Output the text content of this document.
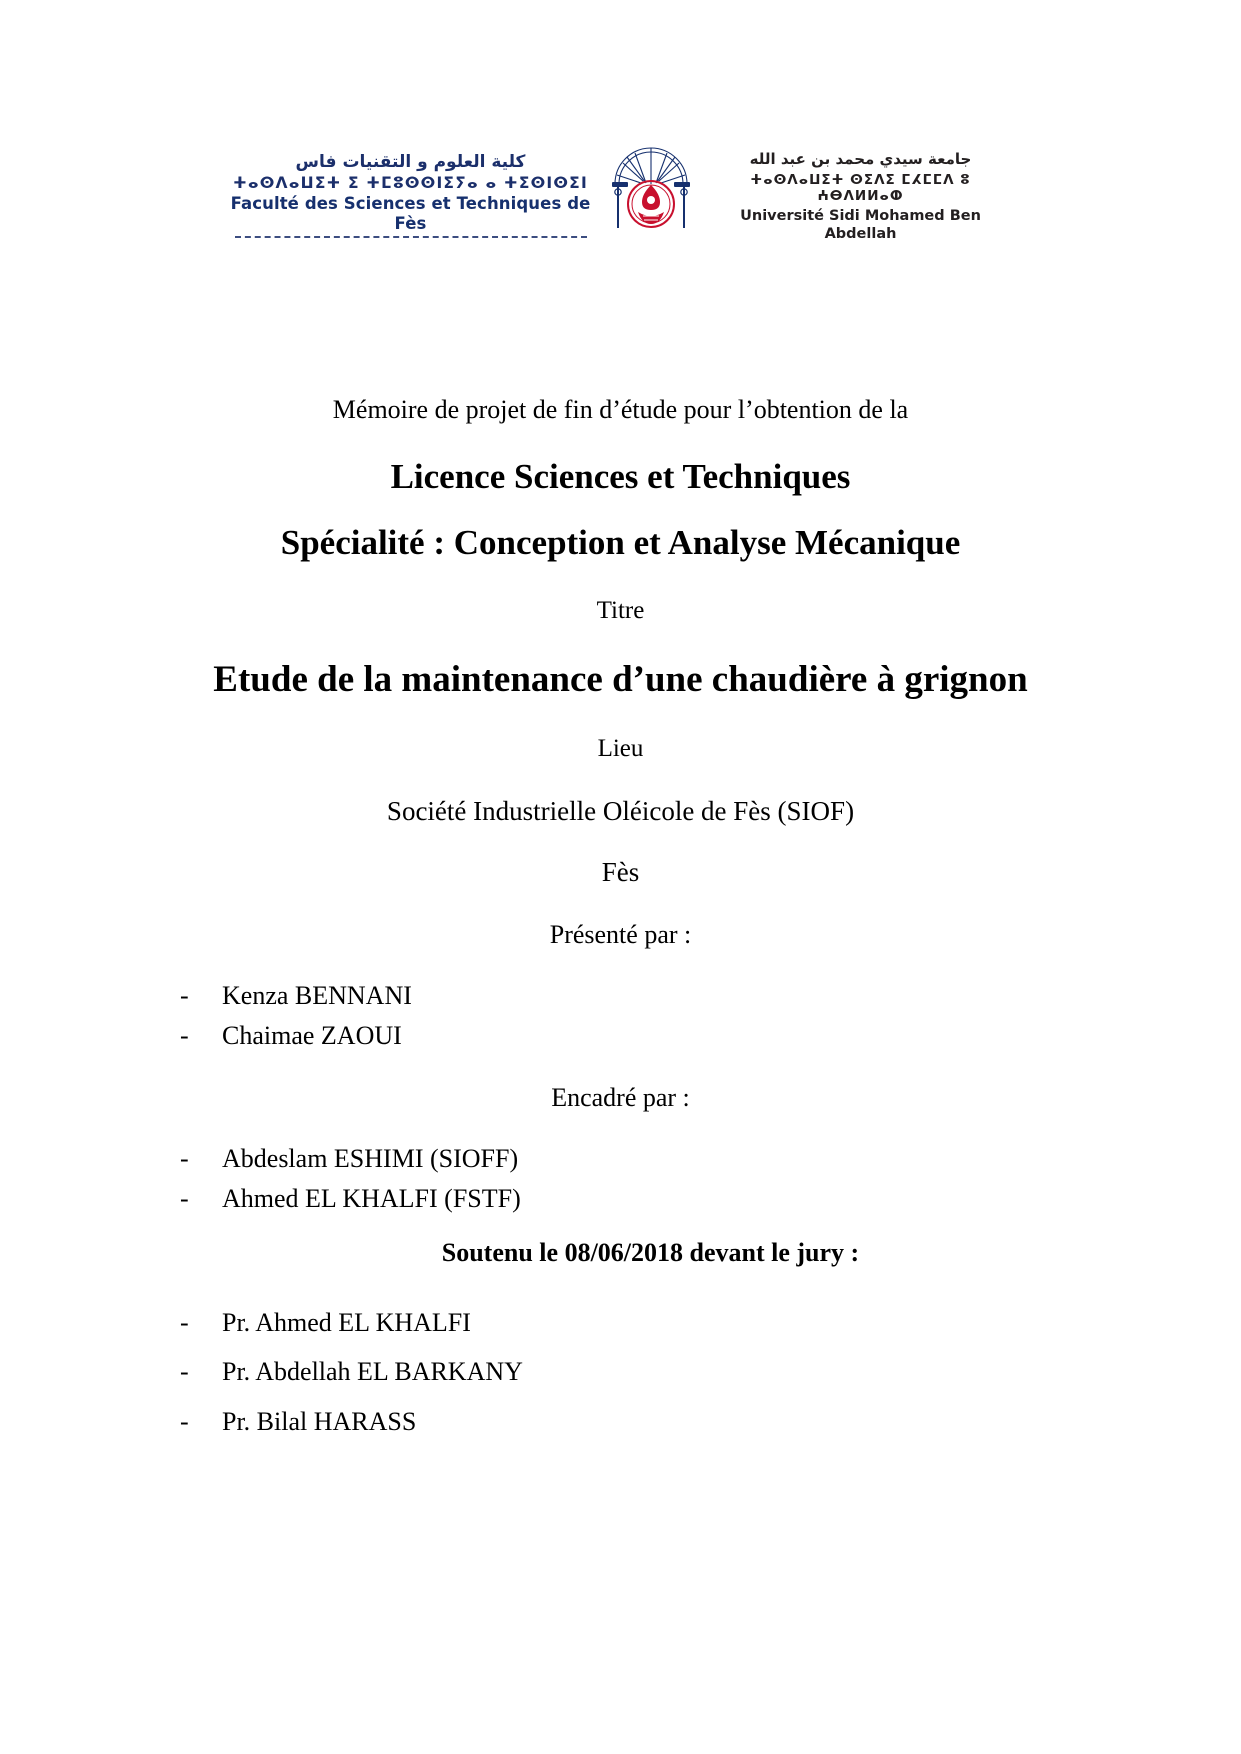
كلية العلوم و التقنيات فاس
ⵜⴰⵙⴷⴰⵡⵉⵜ ⵉ ⵜⵎⵓⵙⵙⵏⵉⵢⴰ ⴰ ⵜⵉⵙⵏⵙⵉⵏ
Faculté des Sciences et Techniques de Fès
جامعة سيدي محمد بن عبد الله
ⵜⴰⵙⴷⴰⵡⵉⵜ ⵙⵉⴷⵉ ⵎⵃⵎⵎⴷ ⵓ ⵄⴱⴷⵍⵍⴰⵀ
Université Sidi Mohamed Ben Abdellah
Mémoire de projet de fin d’étude pour l’obtention de la
Licence Sciences et Techniques
Spécialité : Conception et Analyse Mécanique
Titre
Etude de la maintenance d’une chaudière à grignon
Lieu
Société Industrielle Oléicole de Fès (SIOF)
Fès
Présenté par :
- Kenza BENNANI
- Chaimae ZAOUI
Encadré par :
- Abdeslam ESHIMI (SIOFF)
- Ahmed EL KHALFI (FSTF)
Soutenu le 08/06/2018 devant le jury :
- Pr. Ahmed EL KHALFI
- Pr. Abdellah EL BARKANY
- Pr. Bilal HARASS
